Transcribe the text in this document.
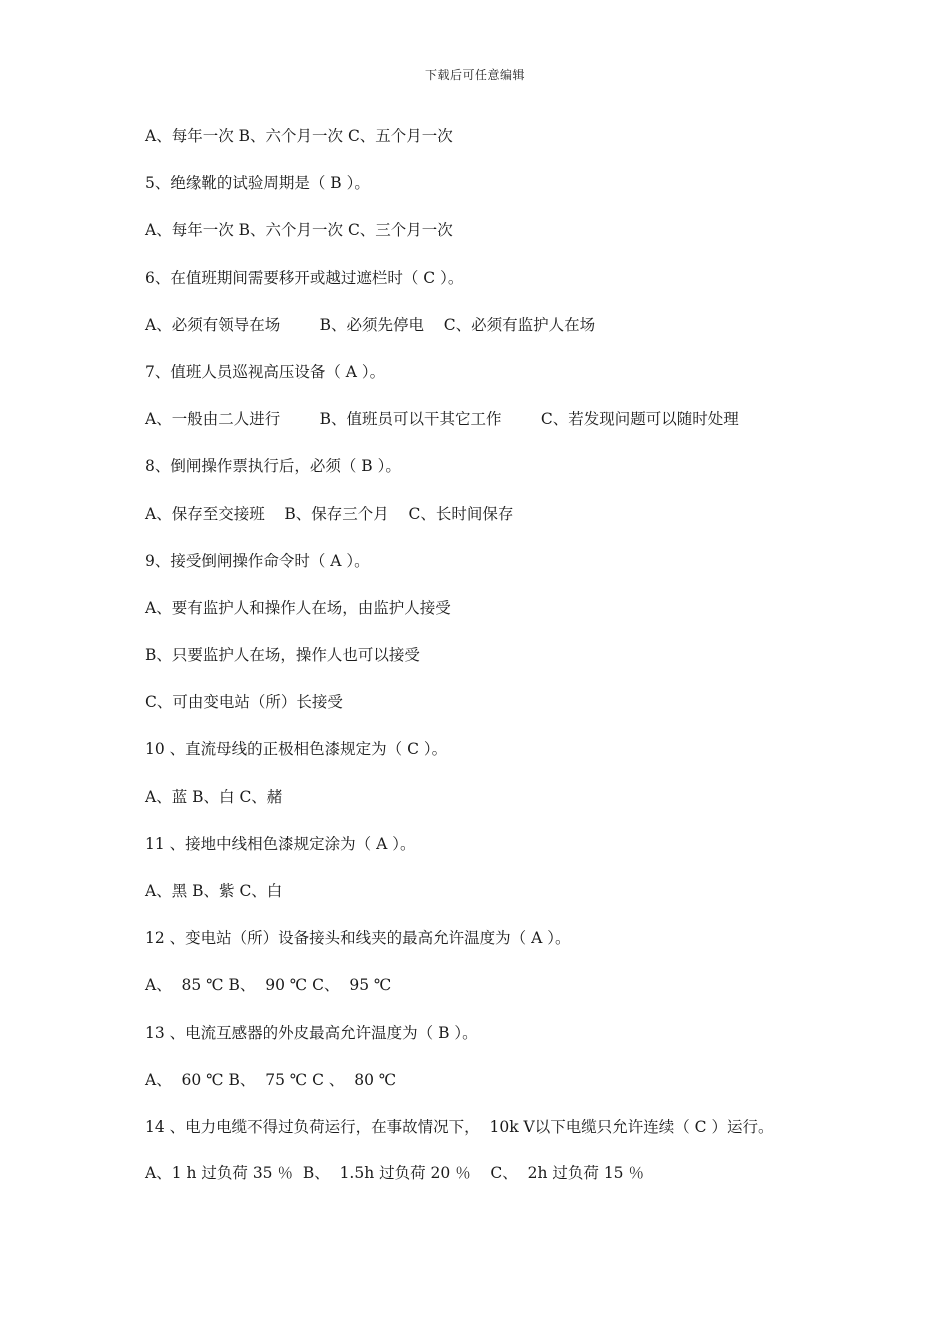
下载后可任意编辑
A、每年一次 B、六个月一次 C、五个月一次
5、绝缘靴的试验周期是（ B ）。
A、每年一次 B、六个月一次 C、三个月一次
6、在值班期间需要移开或越过遮栏时（ C ）。
A、必须有领导在场        B、必须先停电    C、必须有监护人在场
7、值班人员巡视高压设备（ A ）。
A、一般由二人进行        B、值班员可以干其它工作        C、若发现问题可以随时处理
8、倒闸操作票执行后，必须（ B ）。
A、保存至交接班    B、保存三个月    C、长时间保存
9、接受倒闸操作命令时（ A ）。
A、要有监护人和操作人在场，由监护人接受
B、只要监护人在场，操作人也可以接受
C、可由变电站（所）长接受
10 、直流母线的正极相色漆规定为（ C ）。
A、蓝 B、白 C、赭
11 、接地中线相色漆规定涂为（ A ）。
A、黑 B、紫 C、白
12 、变电站（所）设备接头和线夹的最高允许温度为（ A ）。
A、  85 ℃ B、  90 ℃ C、  95 ℃
13 、电流互感器的外皮最高允许温度为（ B ）。
A、  60 ℃ B、  75 ℃ C 、  80 ℃
14 、电力电缆不得过负荷运行，在事故情况下，  10k V以下电缆只允许连续（ C ）运行。
A、1 h 过负荷 35 ％  B、  1.5h 过负荷 20 ％    C、  2h 过负荷 15 ％
